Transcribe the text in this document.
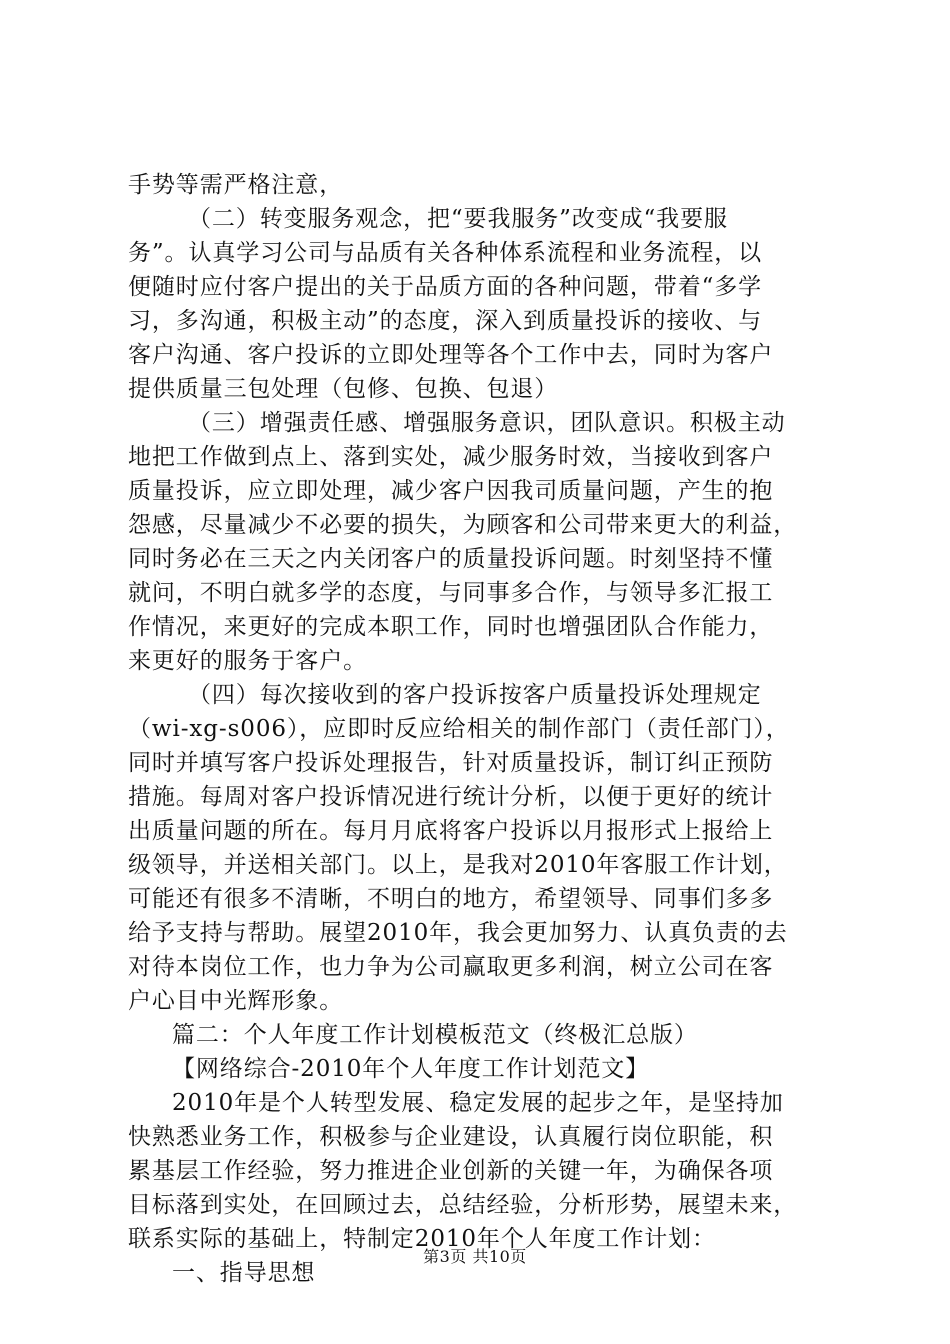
手势等需严格注意，
（二）转变服务观念，把“要我服务”改变成“我要服
务”。认真学习公司与品质有关各种体系流程和业务流程，以
便随时应付客户提出的关于品质方面的各种问题，带着“多学
习，多沟通，积极主动”的态度，深入到质量投诉的接收、与
客户沟通、客户投诉的立即处理等各个工作中去，同时为客户
提供质量三包处理（包修、包换、包退）
（三）增强责任感、增强服务意识，团队意识。积极主动
地把工作做到点上、落到实处，减少服务时效，当接收到客户
质量投诉，应立即处理，减少客户因我司质量问题，产生的抱
怨感，尽量减少不必要的损失，为顾客和公司带来更大的利益，
同时务必在三天之内关闭客户的质量投诉问题。时刻坚持不懂
就问，不明白就多学的态度，与同事多合作，与领导多汇报工
作情况，来更好的完成本职工作，同时也增强团队合作能力，
来更好的服务于客户。
（四）每次接收到的客户投诉按客户质量投诉处理规定
（wi-xg-s006），应即时反应给相关的制作部门（责任部门），
同时并填写客户投诉处理报告，针对质量投诉，制订纠正预防
措施。每周对客户投诉情况进行统计分析，以便于更好的统计
出质量问题的所在。每月月底将客户投诉以月报形式上报给上
级领导，并送相关部门。以上，是我对2010年客服工作计划，
可能还有很多不清晰，不明白的地方，希望领导、同事们多多
给予支持与帮助。展望2010年，我会更加努力、认真负责的去
对待本岗位工作，也力争为公司赢取更多利润，树立公司在客
户心目中光辉形象。
篇二：个人年度工作计划模板范文（终极汇总版）
【网络综合-2010年个人年度工作计划范文】
2010年是个人转型发展、稳定发展的起步之年，是坚持加
快熟悉业务工作，积极参与企业建设，认真履行岗位职能，积
累基层工作经验，努力推进企业创新的关键一年，为确保各项
目标落到实处，在回顾过去，总结经验，分析形势，展望未来，
联系实际的基础上，特制定2010年个人年度工作计划：
一、指导思想
第3页 共10页
